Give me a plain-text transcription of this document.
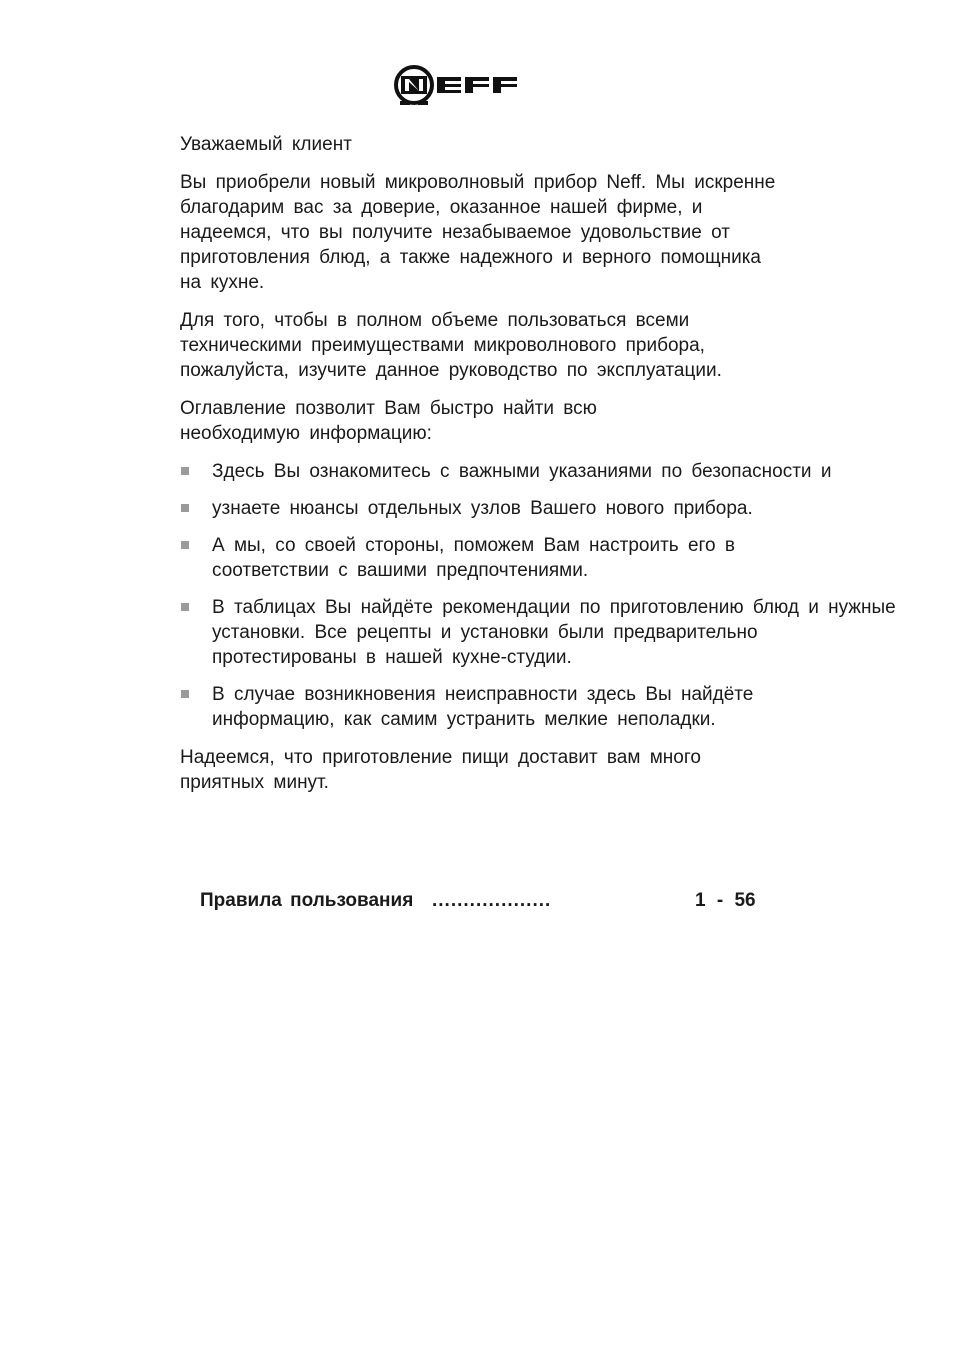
Уважаемый клиент

Вы приобрели новый микроволновый прибор Neff. Мы искренне благодарим вас за доверие, оказанное нашей фирме, и надеемся, что вы получите незабываемое удовольствие от приготовления блюд, а также надежного и верного помощника на кухне.

Для того, чтобы в полном объеме пользоваться всеми техническими преимуществами микроволнового прибора, пожалуйста, изучите данное руководство по эксплуатации.

Оглавление позволит Вам быстро найти всю необходимую информацию:

Здесь Вы ознакомитесь с важными указаниями по безопасности и
узнаете нюансы отдельных узлов Вашего нового прибора.
А мы, со своей стороны, поможем Вам настроить его в соответствии с вашими предпочтениями.
В таблицах Вы найдёте рекомендации по приготовлению блюд и нужные установки. Все рецепты и установки были предварительно протестированы в нашей кухне-студии.
В случае возникновения неисправности здесь Вы найдёте информацию, как самим устранить мелкие неполадки.

Надеемся, что приготовление пищи доставит вам много приятных минут.

Правила пользования ...................	1 - 56
